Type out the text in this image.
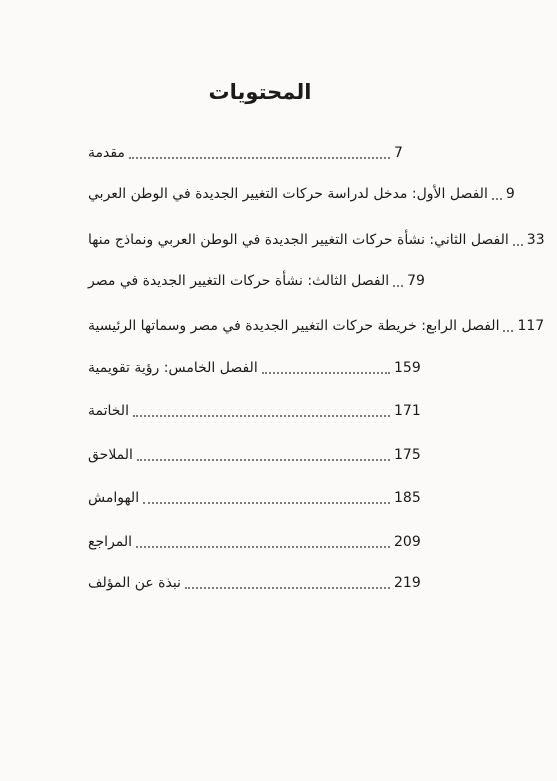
المحتويات
مقدمة	7
الفصل الأول: مدخل لدراسة حركات التغيير الجديدة في الوطن العربي 9
الفصل الثاني: نشأة حركات التغيير الجديدة في الوطن العربي ونماذج منها 33
الفصل الثالث: نشأة حركات التغيير الجديدة في مصر 79
الفصل الرابع: خريطة حركات التغيير الجديدة في مصر وسماتها الرئيسية 117
الفصل الخامس: رؤية تقويمية	159
الخاتمة	171
الملاحق	175
الهوامش	185
المراجع	209
نبذة عن المؤلف	219
